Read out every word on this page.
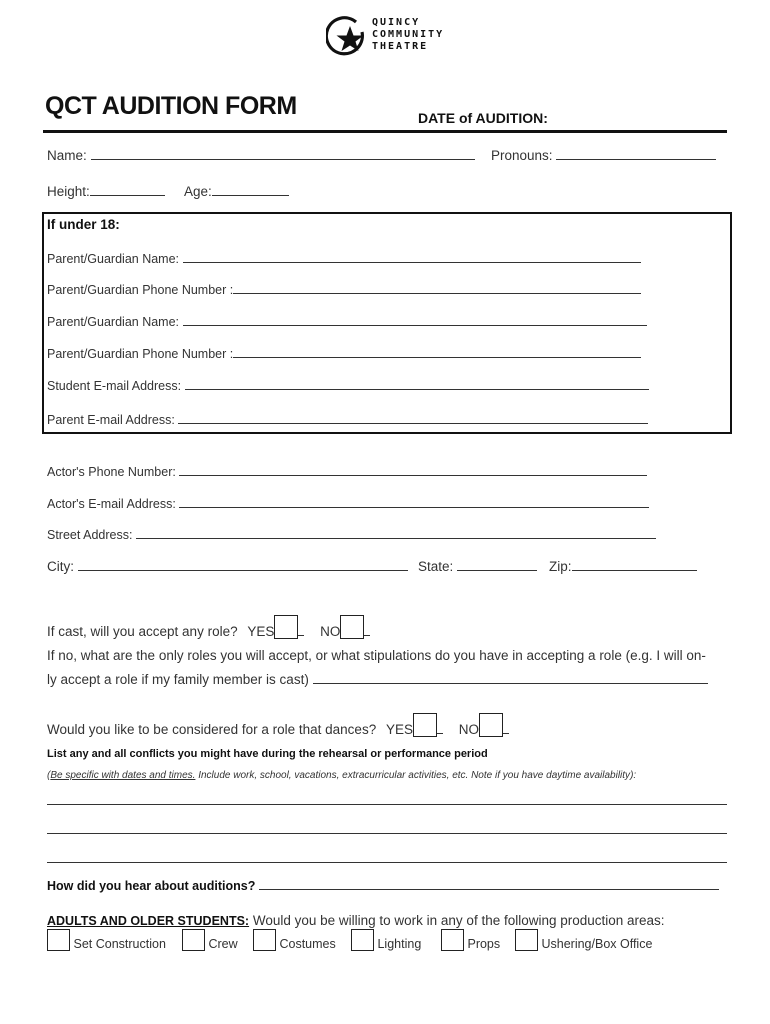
QUINCY
COMMUNITY
THEATRE
QCT AUDITION FORM	DATE of AUDITION:
Name:	Pronouns:
Height:	Age:
If under 18:
Parent/Guardian Name:
Parent/Guardian Phone Number :
Parent/Guardian Name:
Parent/Guardian Phone Number :
Student E-mail Address:
Parent E-mail Address:
Actor's Phone Number:
Actor's E-mail Address:
Street Address:
City:	State:	Zip:
If cast, will you accept any role? YES	NO
If no, what are the only roles you will accept, or what stipulations do you have in accepting a role (e.g. I will on-
ly accept a role if my family member is cast)
Would you like to be considered for a role that dances? YES	NO
List any and all conflicts you might have during the rehearsal or performance period
(Be specific with dates and times. Include work, school, vacations, extracurricular activities, etc. Note if you have daytime availability):
How did you hear about auditions?
ADULTS AND OLDER STUDENTS: Would you be willing to work in any of the following production areas:
Set Construction	Crew	Costumes	Lighting	Props	Ushering/Box Office
